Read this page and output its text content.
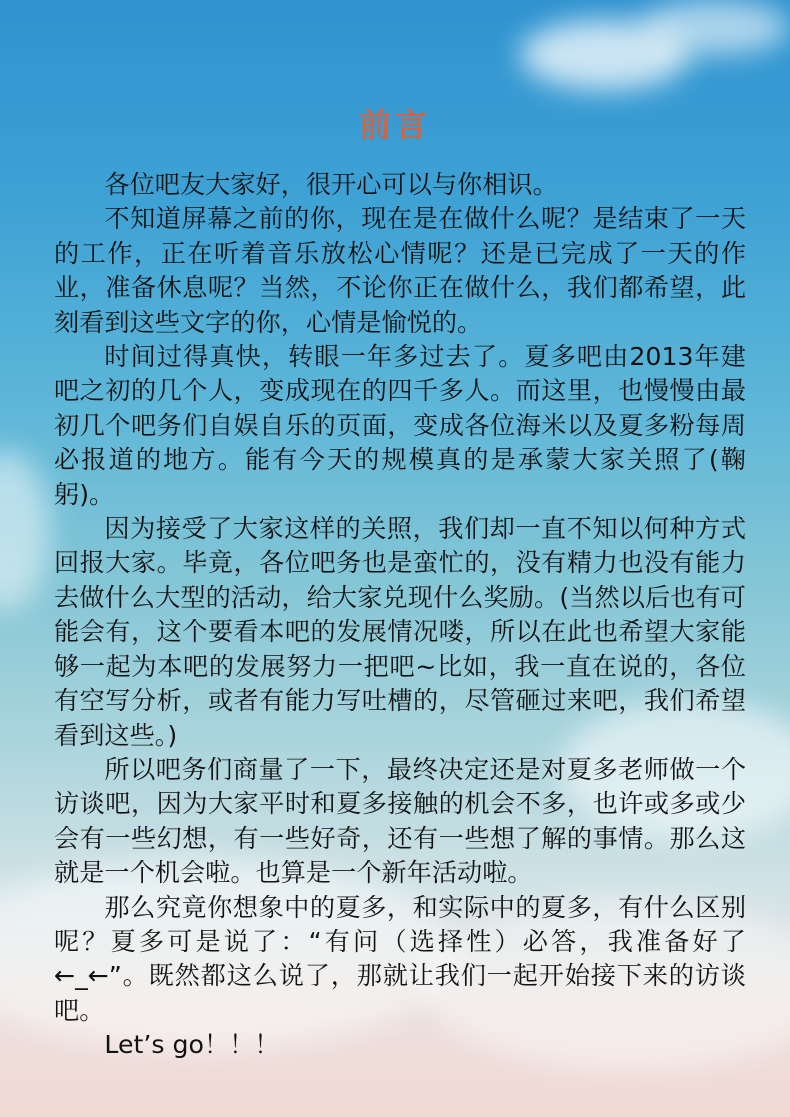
前言

各位吧友大家好，很开心可以与你相识。

不知道屏幕之前的你，现在是在做什么呢？是结束了一天的工作，正在听着音乐放松心情呢？还是已完成了一天的作业，准备休息呢？当然，不论你正在做什么，我们都希望，此刻看到这些文字的你，心情是愉悦的。

时间过得真快，转眼一年多过去了。夏多吧由2013年建吧之初的几个人，变成现在的四千多人。而这里，也慢慢由最初几个吧务们自娱自乐的页面，变成各位海米以及夏多粉每周必报道的地方。能有今天的规模真的是承蒙大家关照了(鞠躬)。

因为接受了大家这样的关照，我们却一直不知以何种方式回报大家。毕竟，各位吧务也是蛮忙的，没有精力也没有能力去做什么大型的活动，给大家兑现什么奖励。(当然以后也有可能会有，这个要看本吧的发展情况喽，所以在此也希望大家能够一起为本吧的发展努力一把吧~比如，我一直在说的，各位有空写分析，或者有能力写吐槽的，尽管砸过来吧，我们希望看到这些。)

所以吧务们商量了一下，最终决定还是对夏多老师做一个访谈吧，因为大家平时和夏多接触的机会不多，也许或多或少会有一些幻想，有一些好奇，还有一些想了解的事情。那么这就是一个机会啦。也算是一个新年活动啦。

那么究竟你想象中的夏多，和实际中的夏多，有什么区别呢？夏多可是说了：“有问（选择性）必答，我准备好了←_←”。既然都这么说了，那就让我们一起开始接下来的访谈吧。

Let’s go！！！
